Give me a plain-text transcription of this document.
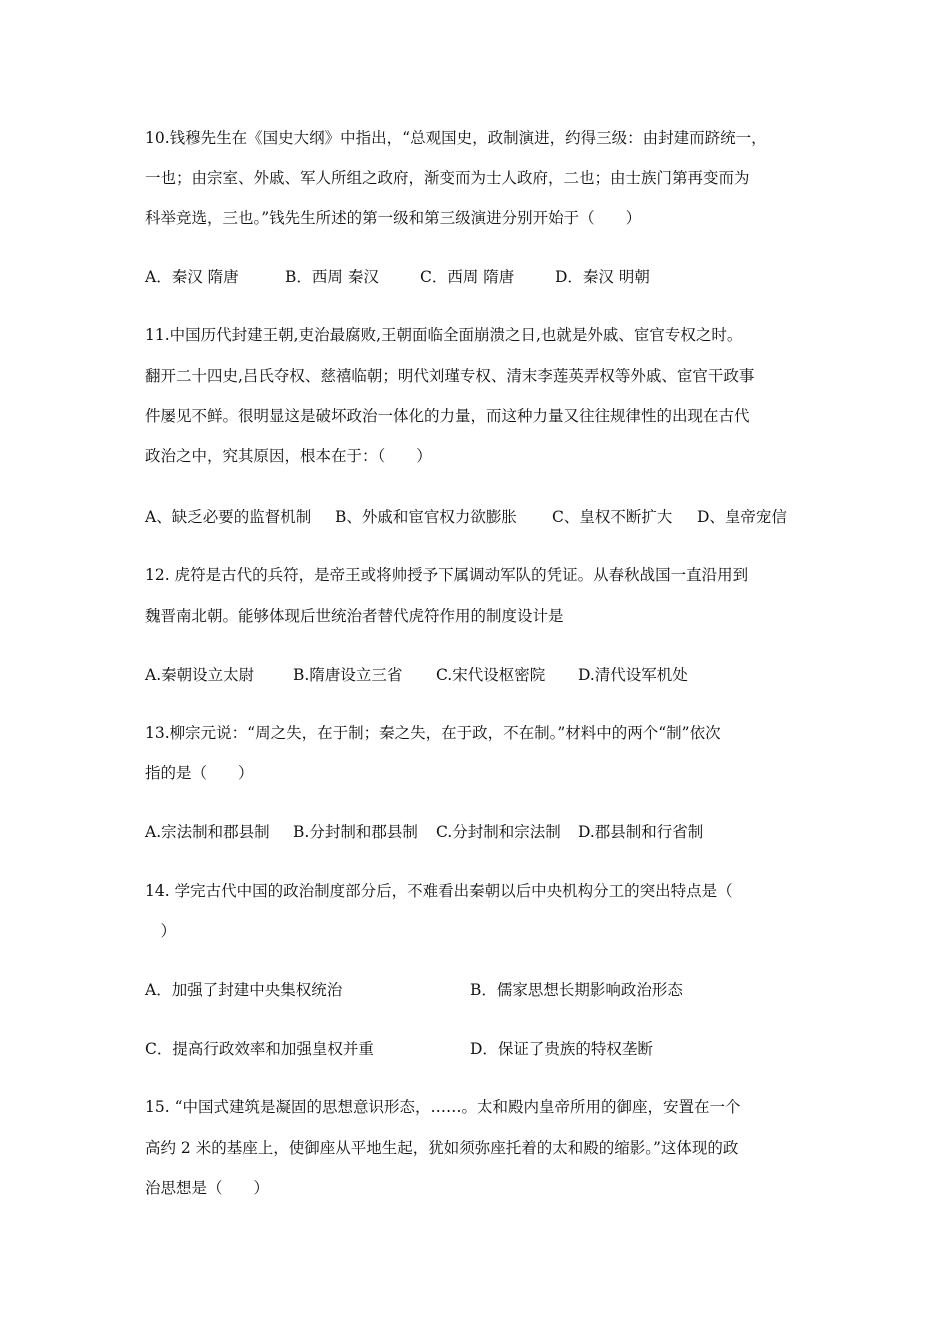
10.钱穆先生在《国史大纲》中指出，“总观国史，政制演进，约得三级：由封建而跻统一，
一也；由宗室、外戚、军人所组之政府，渐变而为士人政府，二也；由士族门第再变而为
科举竞选，三也。”钱先生所述的第一级和第三级演进分别开始于（　　）
A．秦汉 隋唐	B．西周 秦汉	C．西周 隋唐	D．秦汉 明朝
11.中国历代封建王朝,吏治最腐败,王朝面临全面崩溃之日,也就是外戚、宦官专权之时。
翻开二十四史,吕氏夺权、慈禧临朝；明代刘瑾专权、清末李莲英弄权等外戚、宦官干政事
件屡见不鲜。很明显这是破坏政治一体化的力量，而这种力量又往往规律性的出现在古代
政治之中，究其原因，根本在于：（　　）
A、缺乏必要的监督机制 B、外戚和宦官权力欲膨胀 C、皇权不断扩大 D、皇帝宠信
12. 虎符是古代的兵符，是帝王或将帅授予下属调动军队的凭证。从春秋战国一直沿用到
魏晋南北朝。能够体现后世统治者替代虎符作用的制度设计是
A.秦朝设立太尉	B.隋唐设立三省 C.宋代设枢密院 D.清代设军机处
13.柳宗元说：“周之失，在于制；秦之失，在于政，不在制。”材料中的两个“制”依次
指的是（　　）
A.宗法制和郡县制 B.分封制和郡县制 C.分封制和宗法制 D.郡县制和行省制
14. 学完古代中国的政治制度部分后，不难看出秦朝以后中央机构分工的突出特点是（
　）
A．加强了封建中央集权统治	B．儒家思想长期影响政治形态
C．提高行政效率和加强皇权并重	D．保证了贵族的特权垄断
15. “中国式建筑是凝固的思想意识形态，……。太和殿内皇帝所用的御座，安置在一个
高约 2 米的基座上，使御座从平地生起，犹如须弥座托着的太和殿的缩影。”这体现的政
治思想是（　　）
